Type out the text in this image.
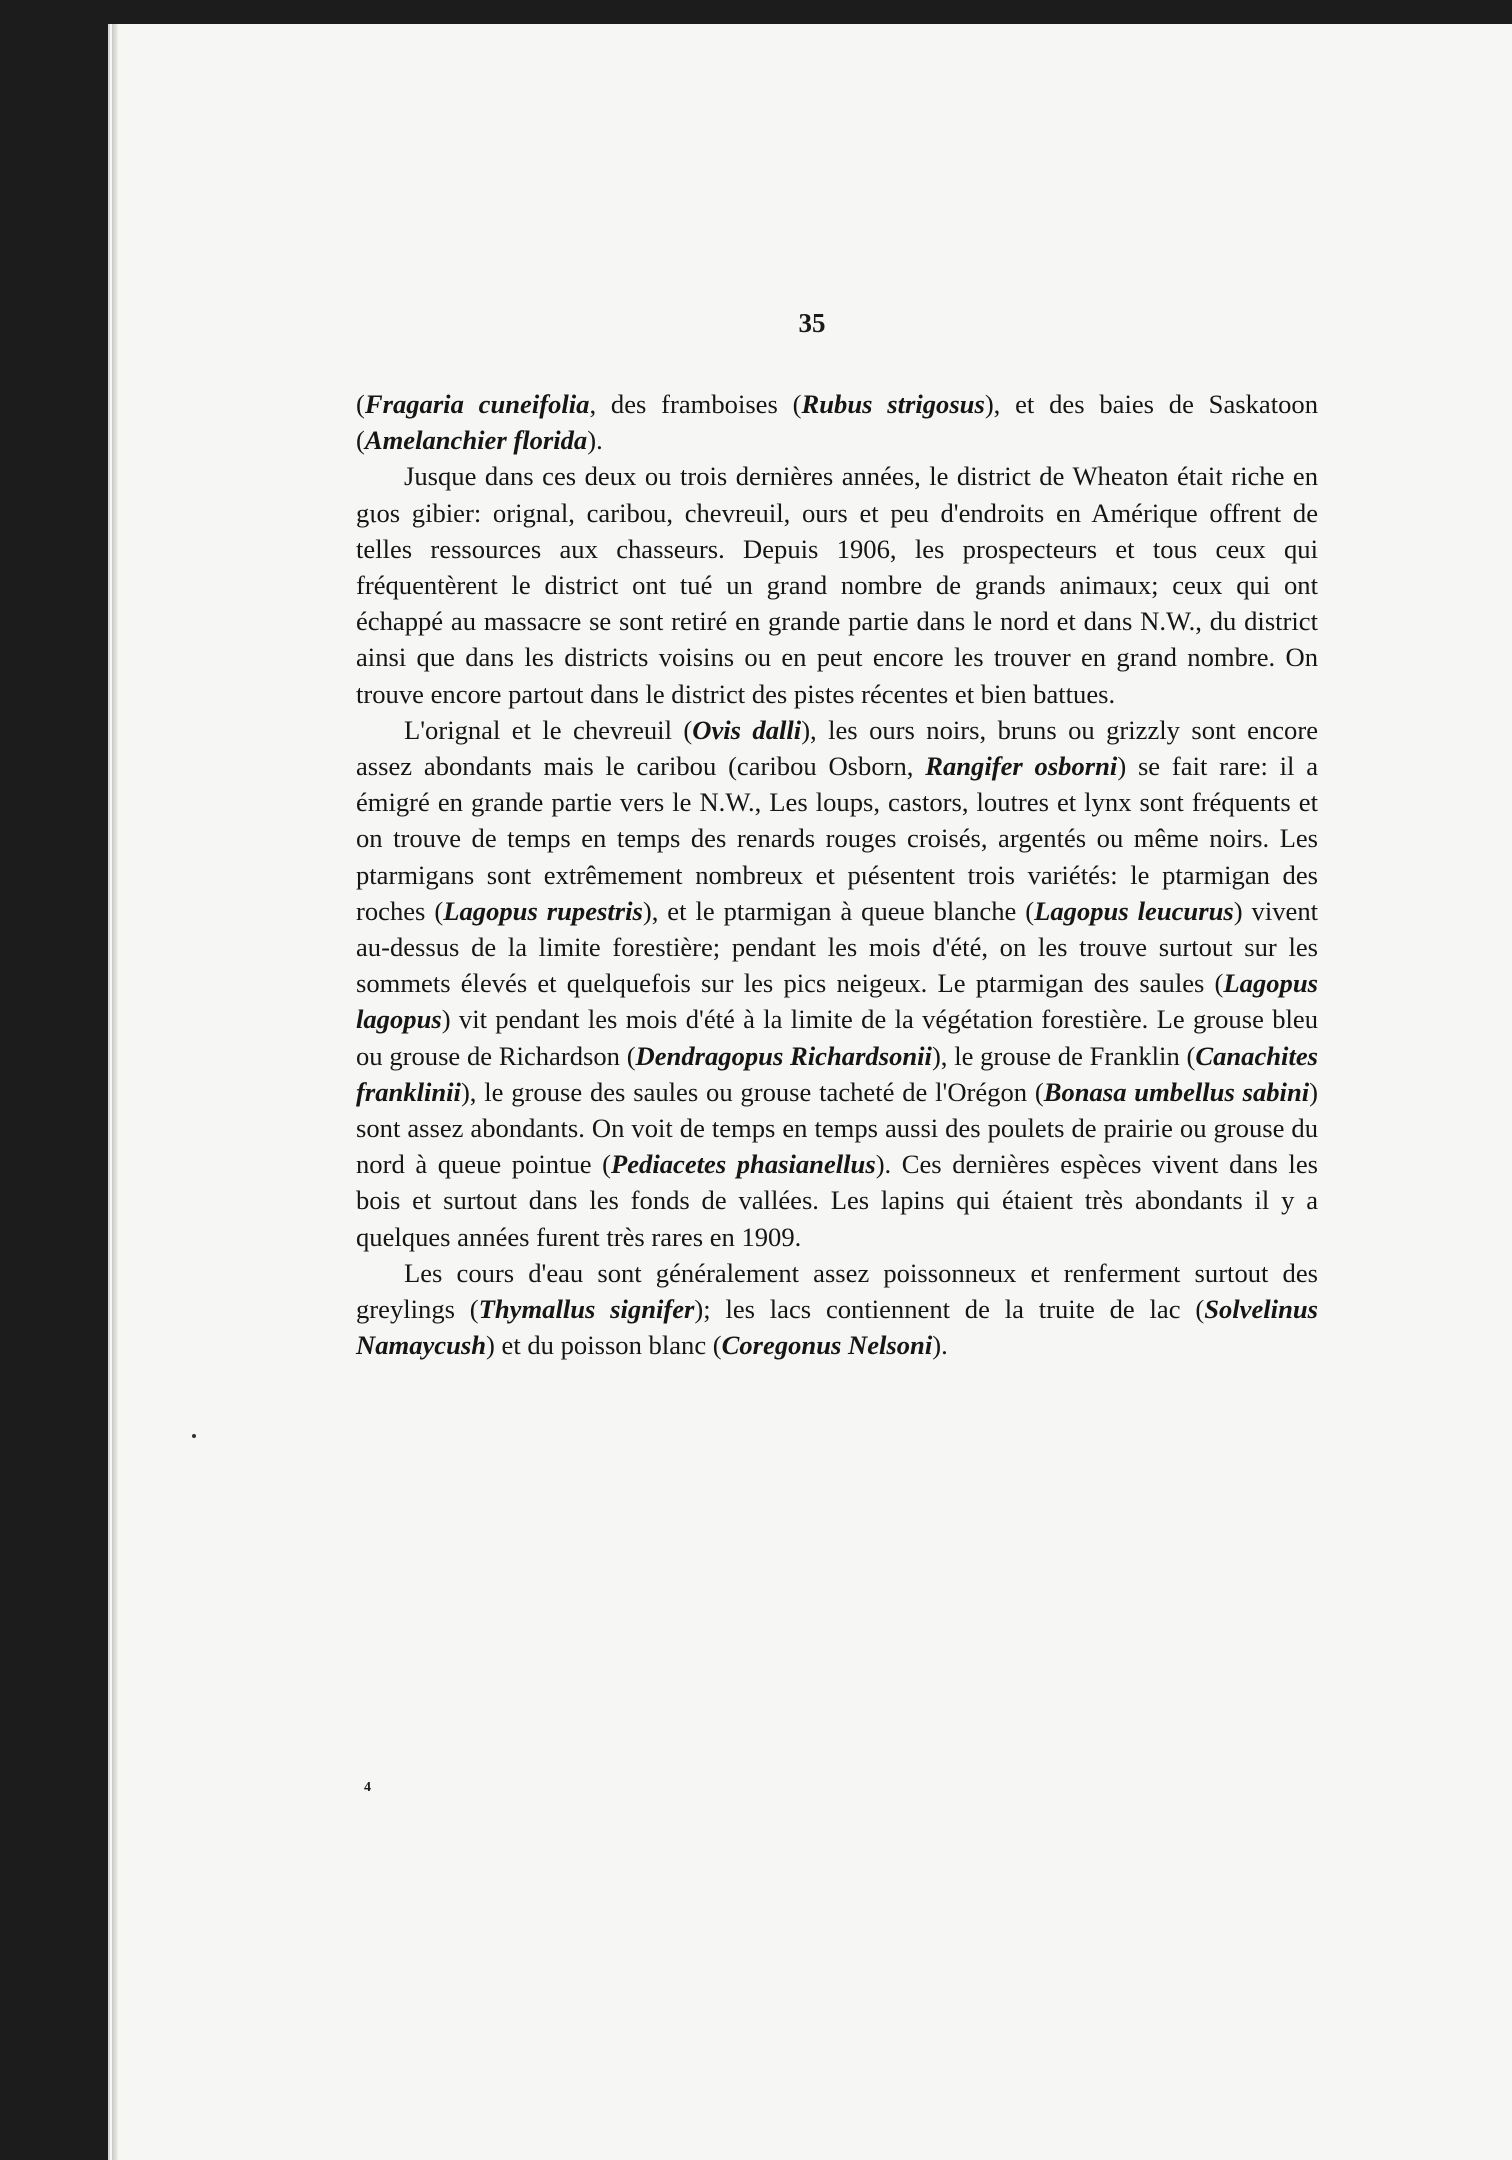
35

(Fragaria cuneifolia, des framboises (Rubus strigosus), et des baies de Saskatoon (Amelanchier florida).

Jusque dans ces deux ou trois dernières années, le district de Wheaton était riche en gιos gibier: orignal, caribou, chevreuil, ours et peu d'endroits en Amérique offrent de telles ressources aux chasseurs. Depuis 1906, les prospecteurs et tous ceux qui fréquentèrent le district ont tué un grand nombre de grands animaux; ceux qui ont échappé au massacre se sont retiré en grande partie dans le nord et dans N.W., du district ainsi que dans les districts voisins ou en peut encore les trouver en grand nombre. On trouve encore partout dans le district des pistes récentes et bien battues.

L'orignal et le chevreuil (Ovis dalli), les ours noirs, bruns ou grizzly sont encore assez abondants mais le caribou (caribou Osborn, Rangifer osborni) se fait rare: il a émigré en grande partie vers le N.W., Les loups, castors, loutres et lynx sont fréquents et on trouve de temps en temps des renards rouges croisés, argentés ou même noirs. Les ptarmigans sont extrêmement nombreux et pιésentent trois variétés: le ptarmigan des roches (Lagopus rupestris), et le ptarmigan à queue blanche (Lagopus leucurus) vivent au-dessus de la limite forestière; pendant les mois d'été, on les trouve surtout sur les sommets élevés et quelquefois sur les pics neigeux. Le ptarmigan des saules (Lagopus lagopus) vit pendant les mois d'été à la limite de la végétation forestière. Le grouse bleu ou grouse de Richardson (Dendragopus Richardsonii), le grouse de Franklin (Canachites franklinii), le grouse des saules ou grouse tacheté de l'Orégon (Bonasa umbellus sabini) sont assez abondants. On voit de temps en temps aussi des poulets de prairie ou grouse du nord à queue pointue (Pediacetes phasianellus). Ces dernières espèces vivent dans les bois et surtout dans les fonds de vallées. Les lapins qui étaient très abondants il y a quelques années furent très rares en 1909.

Les cours d'eau sont généralement assez poissonneux et renferment surtout des greylings (Thymallus signifer); les lacs contiennent de la truite de lac (Solvelinus Namaycush) et du poisson blanc (Coregonus Nelsoni).

4
